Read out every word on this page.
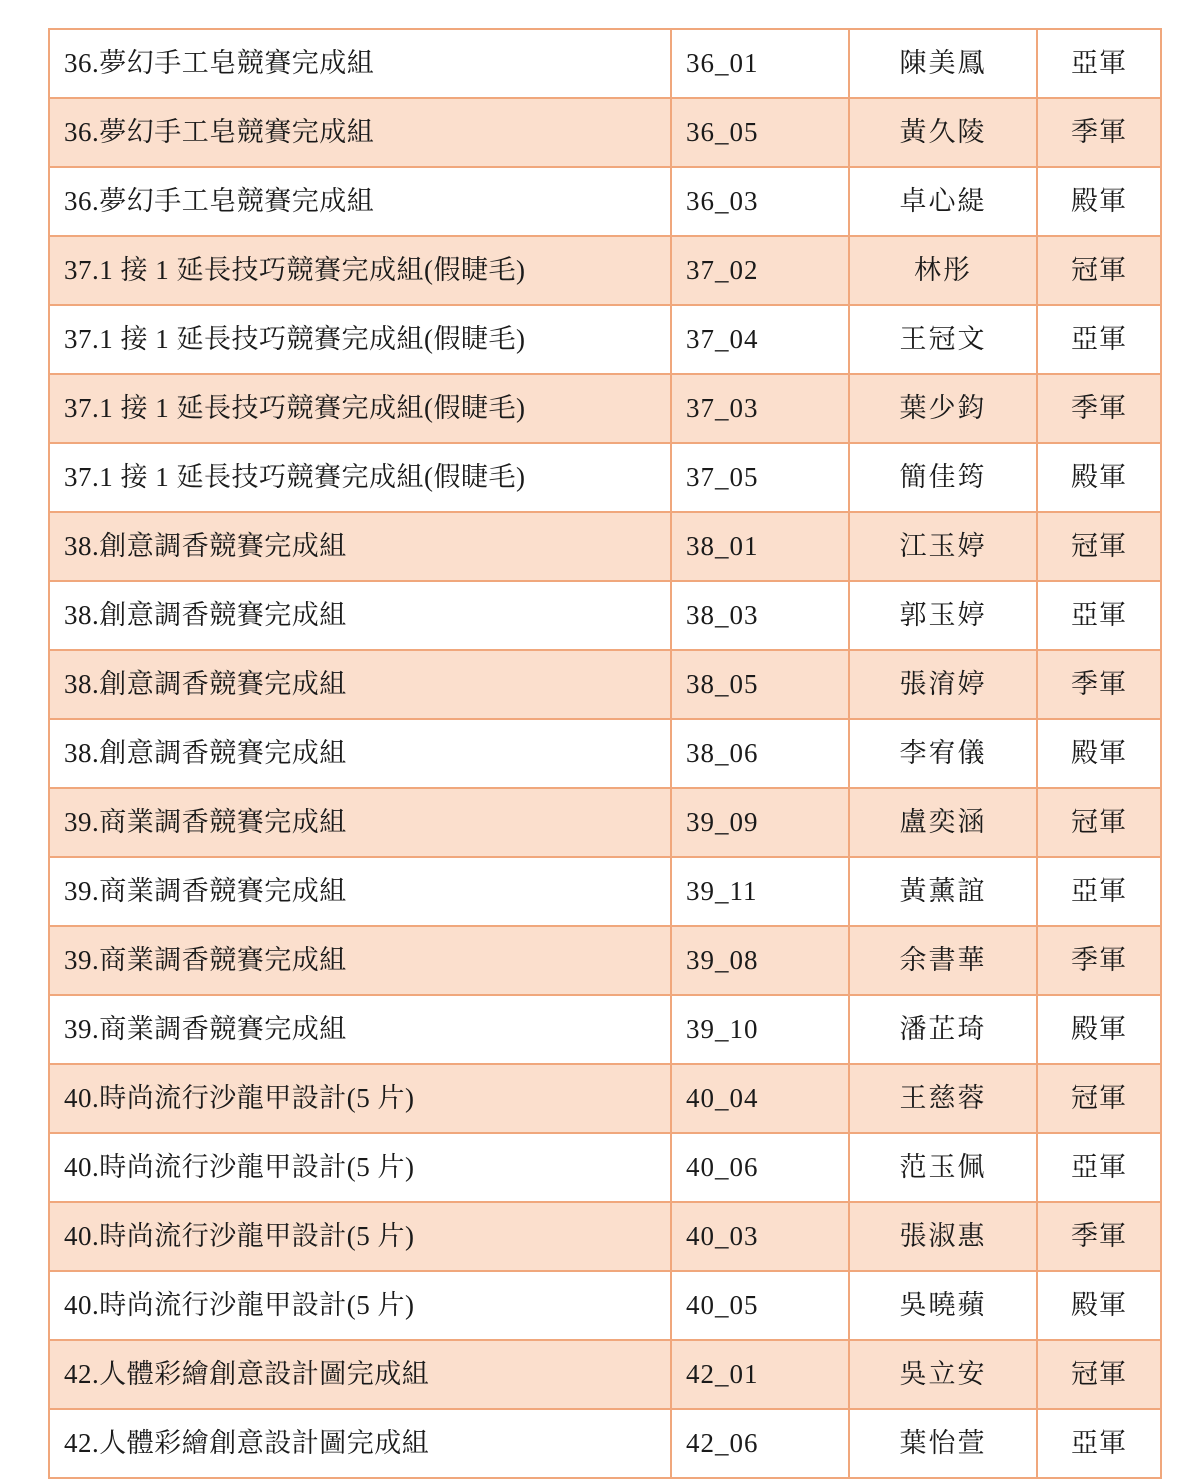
36.夢幻手工皂競賽完成組	36_01	陳美鳳	亞軍
36.夢幻手工皂競賽完成組	36_05	黃久陵	季軍
36.夢幻手工皂競賽完成組	36_03	卓心緹	殿軍
37.1 接 1 延長技巧競賽完成組(假睫毛)	37_02	林彤	冠軍
37.1 接 1 延長技巧競賽完成組(假睫毛)	37_04	王冠文	亞軍
37.1 接 1 延長技巧競賽完成組(假睫毛)	37_03	葉少鈞	季軍
37.1 接 1 延長技巧競賽完成組(假睫毛)	37_05	簡佳筠	殿軍
38.創意調香競賽完成組	38_01	江玉婷	冠軍
38.創意調香競賽完成組	38_03	郭玉婷	亞軍
38.創意調香競賽完成組	38_05	張淯婷	季軍
38.創意調香競賽完成組	38_06	李宥儀	殿軍
39.商業調香競賽完成組	39_09	盧奕涵	冠軍
39.商業調香競賽完成組	39_11	黃薰誼	亞軍
39.商業調香競賽完成組	39_08	余書華	季軍
39.商業調香競賽完成組	39_10	潘芷琦	殿軍
40.時尚流行沙龍甲設計(5 片)	40_04	王慈蓉	冠軍
40.時尚流行沙龍甲設計(5 片)	40_06	范玉佩	亞軍
40.時尚流行沙龍甲設計(5 片)	40_03	張淑惠	季軍
40.時尚流行沙龍甲設計(5 片)	40_05	吳曉蘋	殿軍
42.人體彩繪創意設計圖完成組	42_01	吳立安	冠軍
42.人體彩繪創意設計圖完成組	42_06	葉怡萱	亞軍
